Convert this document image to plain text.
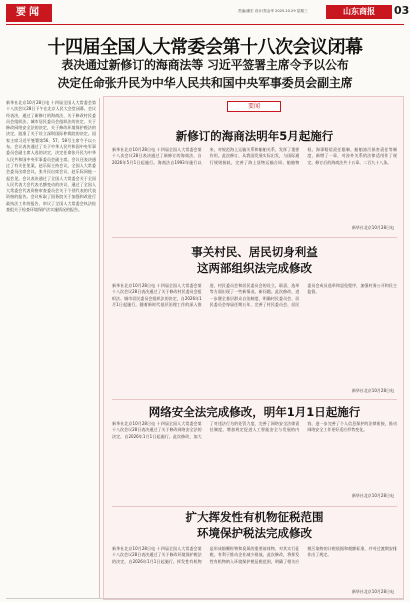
要闻	责编/潘宏 设计/郑金华 2025.10.29 星期三	山东商报	03
十四届全国人大常委会第十八次会议闭幕
表决通过新修订的海商法等 习近平签署主席令予以公布
决定任命张升民为中华人民共和国中央军事委员会副主席
新华社北京10月28日电 十四届全国人大常委会第十八次会议28日下午在北京人民大会堂闭幕。会议经表决，通过了新修订的海商法，关于修改村民委员会组织法、城市居民委员会组织法的决定，关于修改网络安全法的决定，关于修改环境保护税法的决定，批准了关于设立深圳国际仲裁院的决定。国家主席习近平签署第56、57、58号主席令予以公布。会议表决通过了关于中华人民共和国中央军事委员会副主席人选的决定，决定任命张升民为中华人民共和国中央军事委员会副主席。会议还表决通过了有关任免案。赵乐际主持会议。全国人大常委会委员出席会议。张升民出席会议，赵乐际同他一起会见。会议表决通过了全国人大常委会关于全国人民代表大会代表名额变动的决议，通过了全国人大常委会代表资格审查委员会关于个别代表的代表资格的报告。会议听取了国务院关于加强和改进行政执法工作的报告，审议了全国人大常委会执法检查组关于检查环境保护法实施情况的报告。
要闻
新修订的海商法明年5月起施行
新华社北京10月28日电 十四届全国人大常委会第十八次会议28日表决通过了新修订的海商法，自2026年5月1日起施行。海商法自1993年施行以来，对规范海上运输关系和船舶关系，发挥了重要作用。此次修订，从我国发展实际出发，与国际通行规则接轨，完善了海上货物运输合同、船舶物权、海事赔偿责任限制、船舶油污损害责任等制度，新增了一章，对涉外关系的法律适用作了规定。修订后的海商法共十五章、二百九十八条。
新华社北京10月28日电
事关村民、居民切身利益
这两部组织法完成修改
新华社北京10月28日电 十四届全国人大常委会第十八次会议28日表决通过了关于修改村民委员会组织法、城市居民委员会组织法的决定，自2026年1月1日起施行。随着新时代基层治理工作的深入推进，村民委员会和居民委员会的设立、职责、选举等方面出现了一些新情况、新问题。此次修改，进一步健全基层群众自治制度，明确村民委员会、居民委员会每届任期五年，完善了村民委员会、居民委员会成员选举和罢免程序，加强村务公开和民主监督。
新华社北京10月28日电
网络安全法完成修改，明年1月1日起施行
新华社北京10月28日电 十四届全国人大常委会第十八次会议28日表决通过了关于修改网络安全法的决定，自2026年1月1日起施行。此次修改，加大了对违法行为的处罚力度，完善了网络安全法律责任制度，增加规定促进人工智能安全与发展的内容，进一步完善了个人信息保护的法律衔接，推动网络安全工作更好适应形势变化。
新华社北京10月28日电
扩大挥发性有机物征税范围
环境保护税法完成修改
新华社北京10月28日电 十四届全国人大常委会第十八次会议28日表决通过了关于修改环境保护税法的决定，自2026年1月1日起施行。挥发性有机物是形成细颗粒物和臭氧的重要前体物，对其实行征税，有利于推动企业减少排放。此次修改，将挥发性有机物纳入环境保护税征税范围，明确了相关应税污染物的计税依据和税额标准，并对过渡期安排作出了规定。
新华社北京10月28日电
